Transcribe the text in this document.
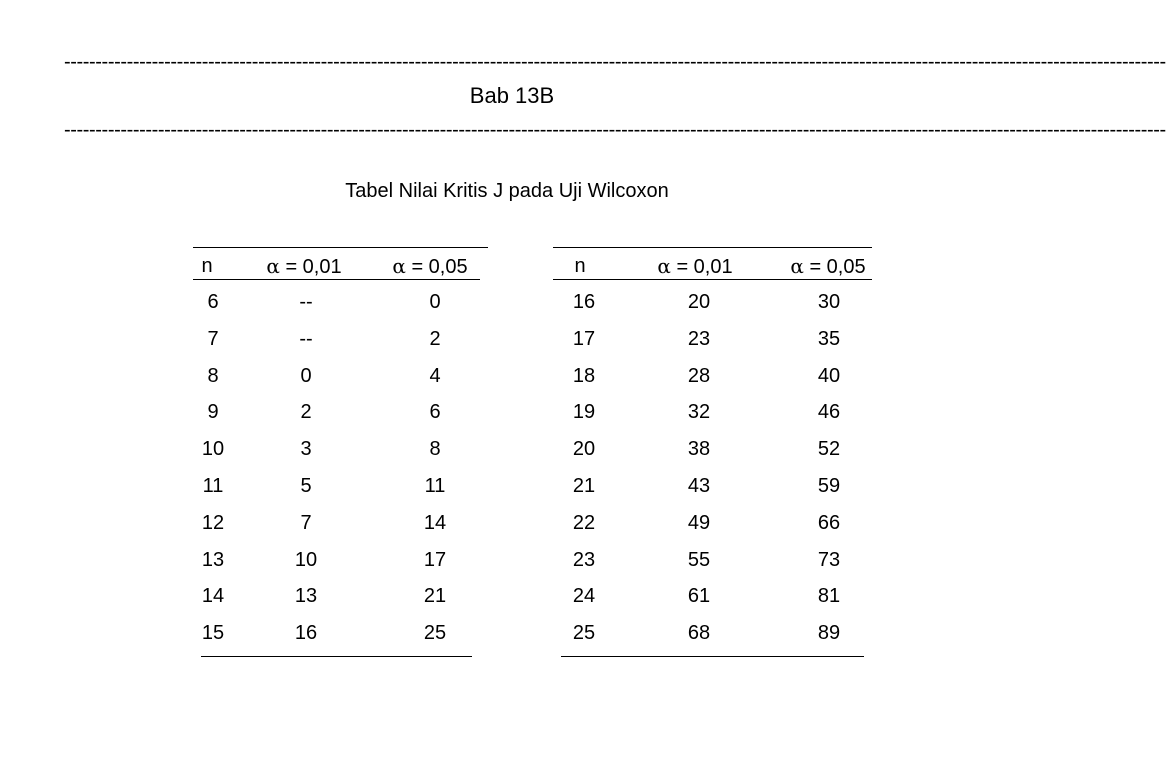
--------------------------------------------------------------------------------------------------------------------------------------------------------------------------------
Bab 13B
--------------------------------------------------------------------------------------------------------------------------------------------------------------------------------
Tabel Nilai Kritis J pada Uji Wilcoxon
n	α = 0,01	α = 0,05
6	--	0
7	--	2
8	0	4
9	2	6
10	3	8
11	5	11
12	7	14
13	10	17
14	13	21
15	16	25
n	α = 0,01	α = 0,05
16	20	30
17	23	35
18	28	40
19	32	46
20	38	52
21	43	59
22	49	66
23	55	73
24	61	81
25	68	89
